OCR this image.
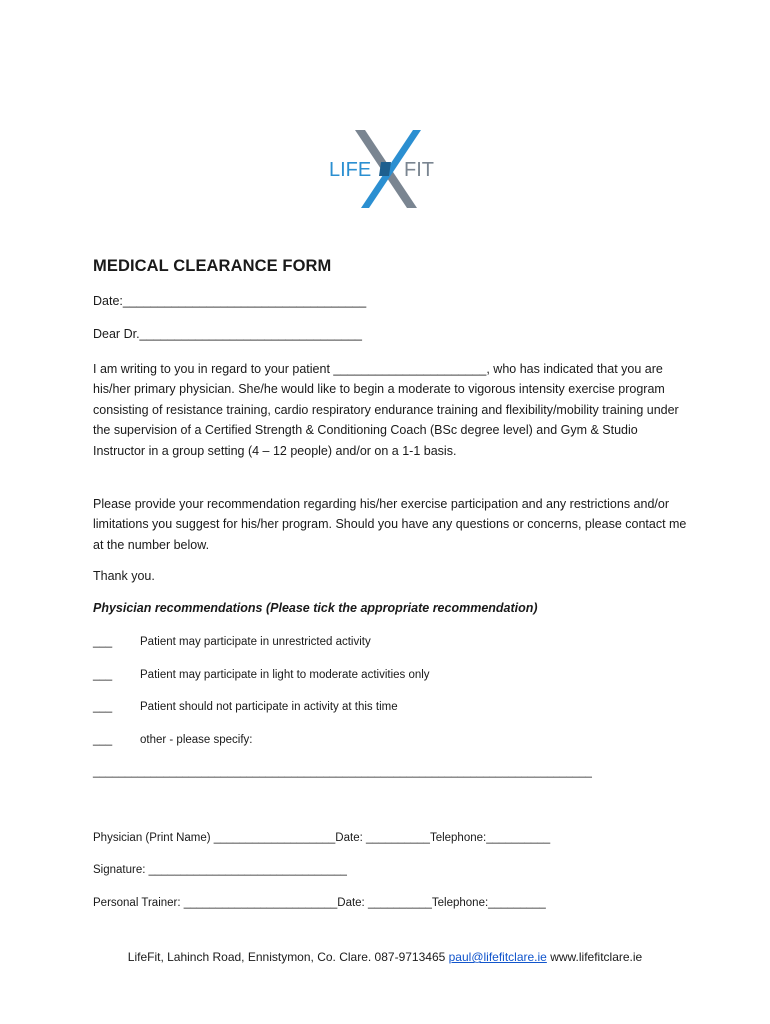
LIFE FIT
MEDICAL CLEARANCE FORM
Date:___________________________________
Dear Dr.________________________________

I am writing to you in regard to your patient ______________________, who has indicated that you are his/her primary physician. She/he would like to begin a moderate to vigorous intensity exercise program consisting of resistance training, cardio respiratory endurance training and flexibility/mobility training under the supervision of a Certified Strength & Conditioning Coach (BSc degree level) and Gym & Studio Instructor in a group setting (4 – 12 people) and/or on a 1-1 basis.

Please provide your recommendation regarding his/her exercise participation and any restrictions and/or limitations you suggest for his/her program. Should you have any questions or concerns, please contact me at the number below.

Thank you.
Physician recommendations (Please tick the appropriate recommendation)
___ Patient may participate in unrestricted activity
___ Patient may participate in light to moderate activities only
___ Patient should not participate in activity at this time
___ other - please specify:
______________________________________________________________________________
Physician (Print Name) ___________________Date: __________Telephone:__________
Signature: _______________________________
Personal Trainer: ________________________Date: __________Telephone:_________
LifeFit, Lahinch Road, Ennistymon, Co. Clare. 087-9713465 paul@lifefitclare.ie www.lifefitclare.ie
